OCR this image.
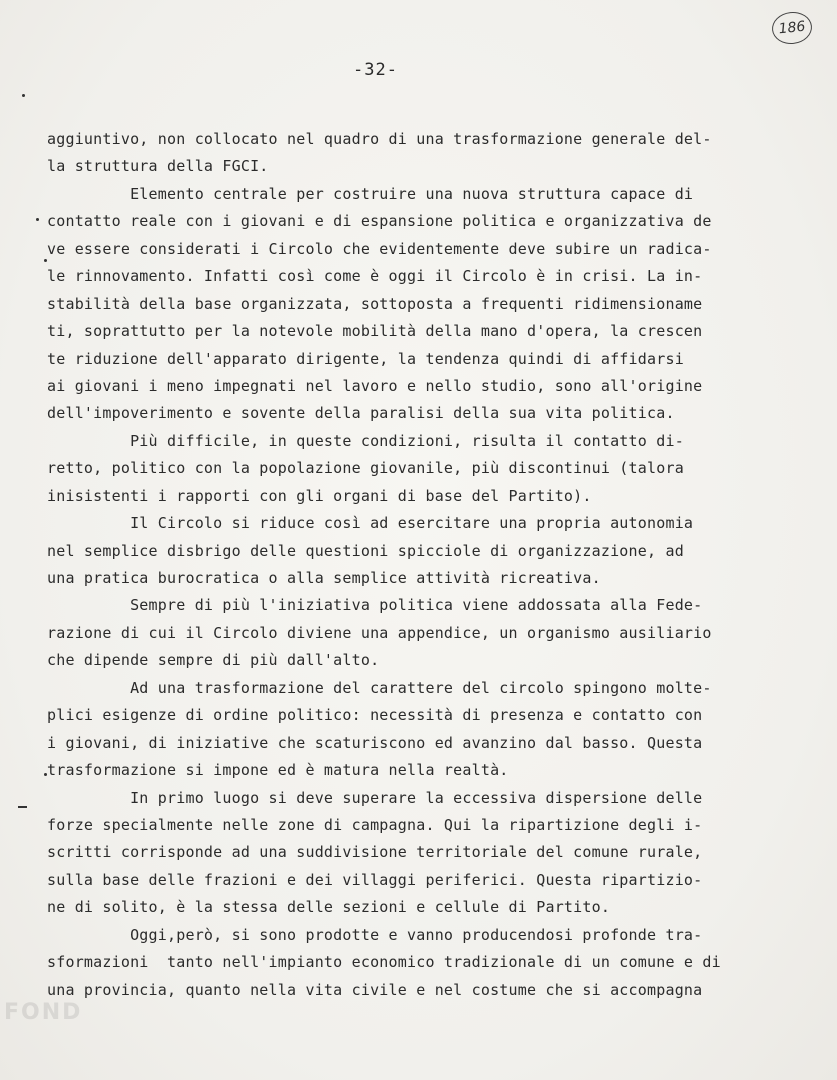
186
-32-
aggiuntivo, non collocato nel quadro di una trasformazione generale del-
la struttura della FGCI.
Elemento centrale per costruire una nuova struttura capace di
contatto reale con i giovani e di espansione politica e organizzativa de
ve essere considerati i Circolo che evidentemente deve subire un radica-
le rinnovamento. Infatti così come è oggi il Circolo è in crisi. La in-
stabilità della base organizzata, sottoposta a frequenti ridimensioname
ti, soprattutto per la notevole mobilità della mano d'opera, la crescen
te riduzione dell'apparato dirigente, la tendenza quindi di affidarsi
ai giovani i meno impegnati nel lavoro e nello studio, sono all'origine
dell'impoverimento e sovente della paralisi della sua vita politica.
Più difficile, in queste condizioni, risulta il contatto di-
retto, politico con la popolazione giovanile, più discontinui (talora
inisistenti i rapporti con gli organi di base del Partito).
Il Circolo si riduce così ad esercitare una propria autonomia
nel semplice disbrigo delle questioni spicciole di organizzazione, ad
una pratica burocratica o alla semplice attività ricreativa.
Sempre di più l'iniziativa politica viene addossata alla Fede-
razione di cui il Circolo diviene una appendice, un organismo ausiliario
che dipende sempre di più dall'alto.
Ad una trasformazione del carattere del circolo spingono molte-
plici esigenze di ordine politico: necessità di presenza e contatto con
i giovani, di iniziative che scaturiscono ed avanzino dal basso. Questa
trasformazione si impone ed è matura nella realtà.
In primo luogo si deve superare la eccessiva dispersione delle
forze specialmente nelle zone di campagna. Qui la ripartizione degli i-
scritti corrisponde ad una suddivisione territoriale del comune rurale,
sulla base delle frazioni e dei villaggi periferici. Questa ripartizio-
ne di solito, è la stessa delle sezioni e cellule di Partito.
Oggi,però, si sono prodotte e vanno producendosi profonde tra-
sformazioni  tanto nell'impianto economico tradizionale di un comune e di
una provincia, quanto nella vita civile e nel costume che si accompagna
FOND
